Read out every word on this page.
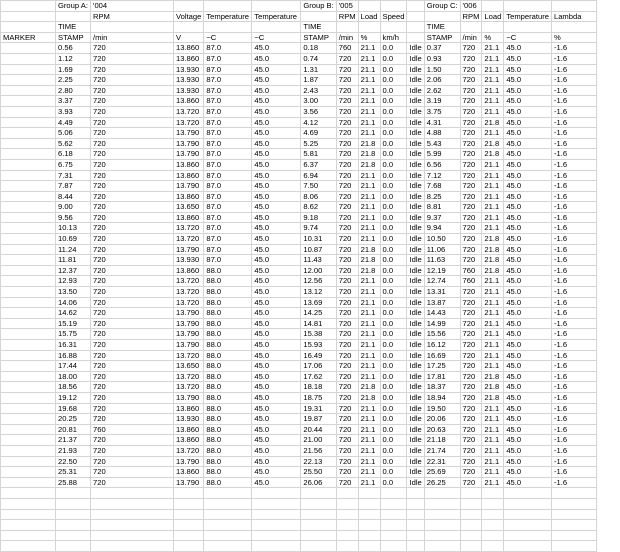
	Group A:	'004				Group B:	'005				Group C:	'006			
		RPM	Voltage	Temperature	Temperature		RPM	Load	Speed			RPM	Load	Temperature	Lambda
	TIME					TIME					TIME				
MARKER	STAMP	/min	V	~C	~C	STAMP	/min	%	km/h		STAMP	/min	%	~C	%
	0.56	720	13.860	87.0	45.0	0.18	760	21.1	0.0	Idle	0.37	720	21.1	45.0	-1.6
	1.12	720	13.860	87.0	45.0	0.74	720	21.1	0.0	Idle	0.93	720	21.1	45.0	-1.6
	1.69	720	13.930	87.0	45.0	1.31	720	21.1	0.0	Idle	1.50	720	21.1	45.0	-1.6
	2.25	720	13.930	87.0	45.0	1.87	720	21.1	0.0	Idle	2.06	720	21.1	45.0	-1.6
	2.80	720	13.930	87.0	45.0	2.43	720	21.1	0.0	Idle	2.62	720	21.1	45.0	-1.6
	3.37	720	13.860	87.0	45.0	3.00	720	21.1	0.0	Idle	3.19	720	21.1	45.0	-1.6
	3.93	720	13.720	87.0	45.0	3.56	720	21.1	0.0	Idle	3.75	720	21.1	45.0	-1.6
	4.49	720	13.720	87.0	45.0	4.12	720	21.1	0.0	Idle	4.31	720	21.8	45.0	-1.6
	5.06	720	13.790	87.0	45.0	4.69	720	21.1	0.0	Idle	4.88	720	21.1	45.0	-1.6
	5.62	720	13.790	87.0	45.0	5.25	720	21.8	0.0	Idle	5.43	720	21.8	45.0	-1.6
	6.18	720	13.790	87.0	45.0	5.81	720	21.8	0.0	Idle	5.99	720	21.8	45.0	-1.6
	6.75	720	13.860	87.0	45.0	6.37	720	21.8	0.0	Idle	6.56	720	21.1	45.0	-1.6
	7.31	720	13.860	87.0	45.0	6.94	720	21.1	0.0	Idle	7.12	720	21.1	45.0	-1.6
	7.87	720	13.790	87.0	45.0	7.50	720	21.1	0.0	Idle	7.68	720	21.1	45.0	-1.6
	8.44	720	13.860	87.0	45.0	8.06	720	21.1	0.0	Idle	8.25	720	21.1	45.0	-1.6
	9.00	720	13.650	87.0	45.0	8.62	720	21.1	0.0	Idle	8.81	720	21.1	45.0	-1.6
	9.56	720	13.860	87.0	45.0	9.18	720	21.1	0.0	Idle	9.37	720	21.1	45.0	-1.6
	10.13	720	13.720	87.0	45.0	9.74	720	21.1	0.0	Idle	9.94	720	21.1	45.0	-1.6
	10.69	720	13.720	87.0	45.0	10.31	720	21.1	0.0	Idle	10.50	720	21.8	45.0	-1.6
	11.24	720	13.790	87.0	45.0	10.87	720	21.8	0.0	Idle	11.06	720	21.8	45.0	-1.6
	11.81	720	13.930	87.0	45.0	11.43	720	21.8	0.0	Idle	11.63	720	21.8	45.0	-1.6
	12.37	720	13.860	88.0	45.0	12.00	720	21.8	0.0	Idle	12.19	760	21.8	45.0	-1.6
	12.93	720	13.720	88.0	45.0	12.56	720	21.1	0.0	Idle	12.74	760	21.1	45.0	-1.6
	13.50	720	13.720	88.0	45.0	13.12	720	21.1	0.0	Idle	13.31	720	21.1	45.0	-1.6
	14.06	720	13.720	88.0	45.0	13.69	720	21.1	0.0	Idle	13.87	720	21.1	45.0	-1.6
	14.62	720	13.790	88.0	45.0	14.25	720	21.1	0.0	Idle	14.43	720	21.1	45.0	-1.6
	15.19	720	13.790	88.0	45.0	14.81	720	21.1	0.0	Idle	14.99	720	21.1	45.0	-1.6
	15.75	720	13.790	88.0	45.0	15.38	720	21.1	0.0	Idle	15.56	720	21.1	45.0	-1.6
	16.31	720	13.790	88.0	45.0	15.93	720	21.1	0.0	Idle	16.12	720	21.1	45.0	-1.6
	16.88	720	13.720	88.0	45.0	16.49	720	21.1	0.0	Idle	16.69	720	21.1	45.0	-1.6
	17.44	720	13.650	88.0	45.0	17.06	720	21.1	0.0	Idle	17.25	720	21.1	45.0	-1.6
	18.00	720	13.720	88.0	45.0	17.62	720	21.1	0.0	Idle	17.81	720	21.8	45.0	-1.6
	18.56	720	13.720	88.0	45.0	18.18	720	21.8	0.0	Idle	18.37	720	21.8	45.0	-1.6
	19.12	720	13.790	88.0	45.0	18.75	720	21.8	0.0	Idle	18.94	720	21.8	45.0	-1.6
	19.68	720	13.860	88.0	45.0	19.31	720	21.1	0.0	Idle	19.50	720	21.1	45.0	-1.6
	20.25	720	13.930	88.0	45.0	19.87	720	21.1	0.0	Idle	20.06	720	21.1	45.0	-1.6
	20.81	760	13.860	88.0	45.0	20.44	720	21.1	0.0	Idle	20.63	720	21.1	45.0	-1.6
	21.37	720	13.860	88.0	45.0	21.00	720	21.1	0.0	Idle	21.18	720	21.1	45.0	-1.6
	21.93	720	13.720	88.0	45.0	21.56	720	21.1	0.0	Idle	21.74	720	21.1	45.0	-1.6
	22.50	720	13.790	88.0	45.0	22.13	720	21.1	0.0	Idle	22.31	720	21.1	45.0	-1.6
	25.31	720	13.860	88.0	45.0	25.50	720	21.1	0.0	Idle	25.69	720	21.1	45.0	-1.6
	25.88	720	13.790	88.0	45.0	26.06	720	21.1	0.0	Idle	26.25	720	21.1	45.0	-1.6
